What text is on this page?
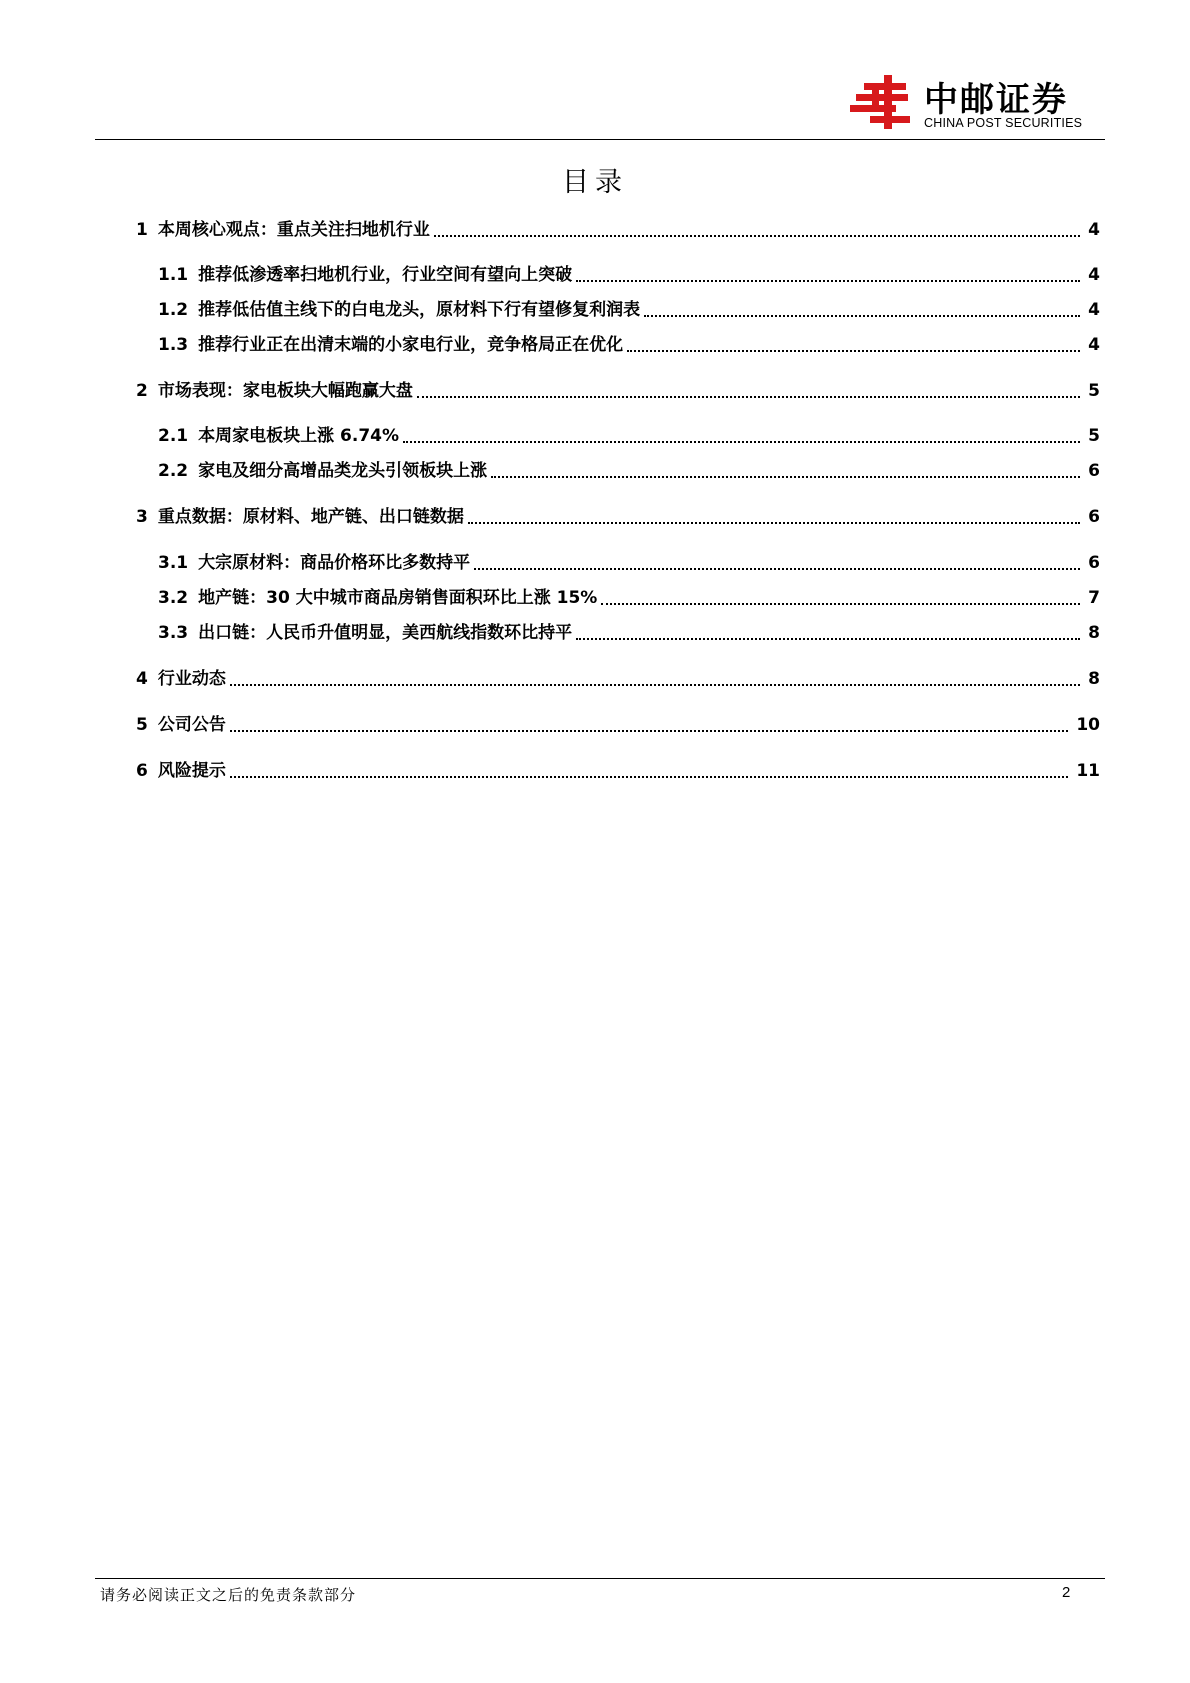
中邮证券
CHINA POST SECURITIES
目录
1 本周核心观点：重点关注扫地机行业	4
1.1 推荐低渗透率扫地机行业，行业空间有望向上突破	4
1.2 推荐低估值主线下的白电龙头，原材料下行有望修复利润表	4
1.3 推荐行业正在出清末端的小家电行业，竞争格局正在优化	4
2 市场表现：家电板块大幅跑赢大盘	5
2.1 本周家电板块上涨 6.74%	5
2.2 家电及细分高增品类龙头引领板块上涨	6
3 重点数据：原材料、地产链、出口链数据	6
3.1 大宗原材料：商品价格环比多数持平	6
3.2 地产链：30 大中城市商品房销售面积环比上涨 15%	7
3.3 出口链：人民币升值明显，美西航线指数环比持平	8
4 行业动态	8
5 公司公告	10
6 风险提示	11
请务必阅读正文之后的免责条款部分	2
